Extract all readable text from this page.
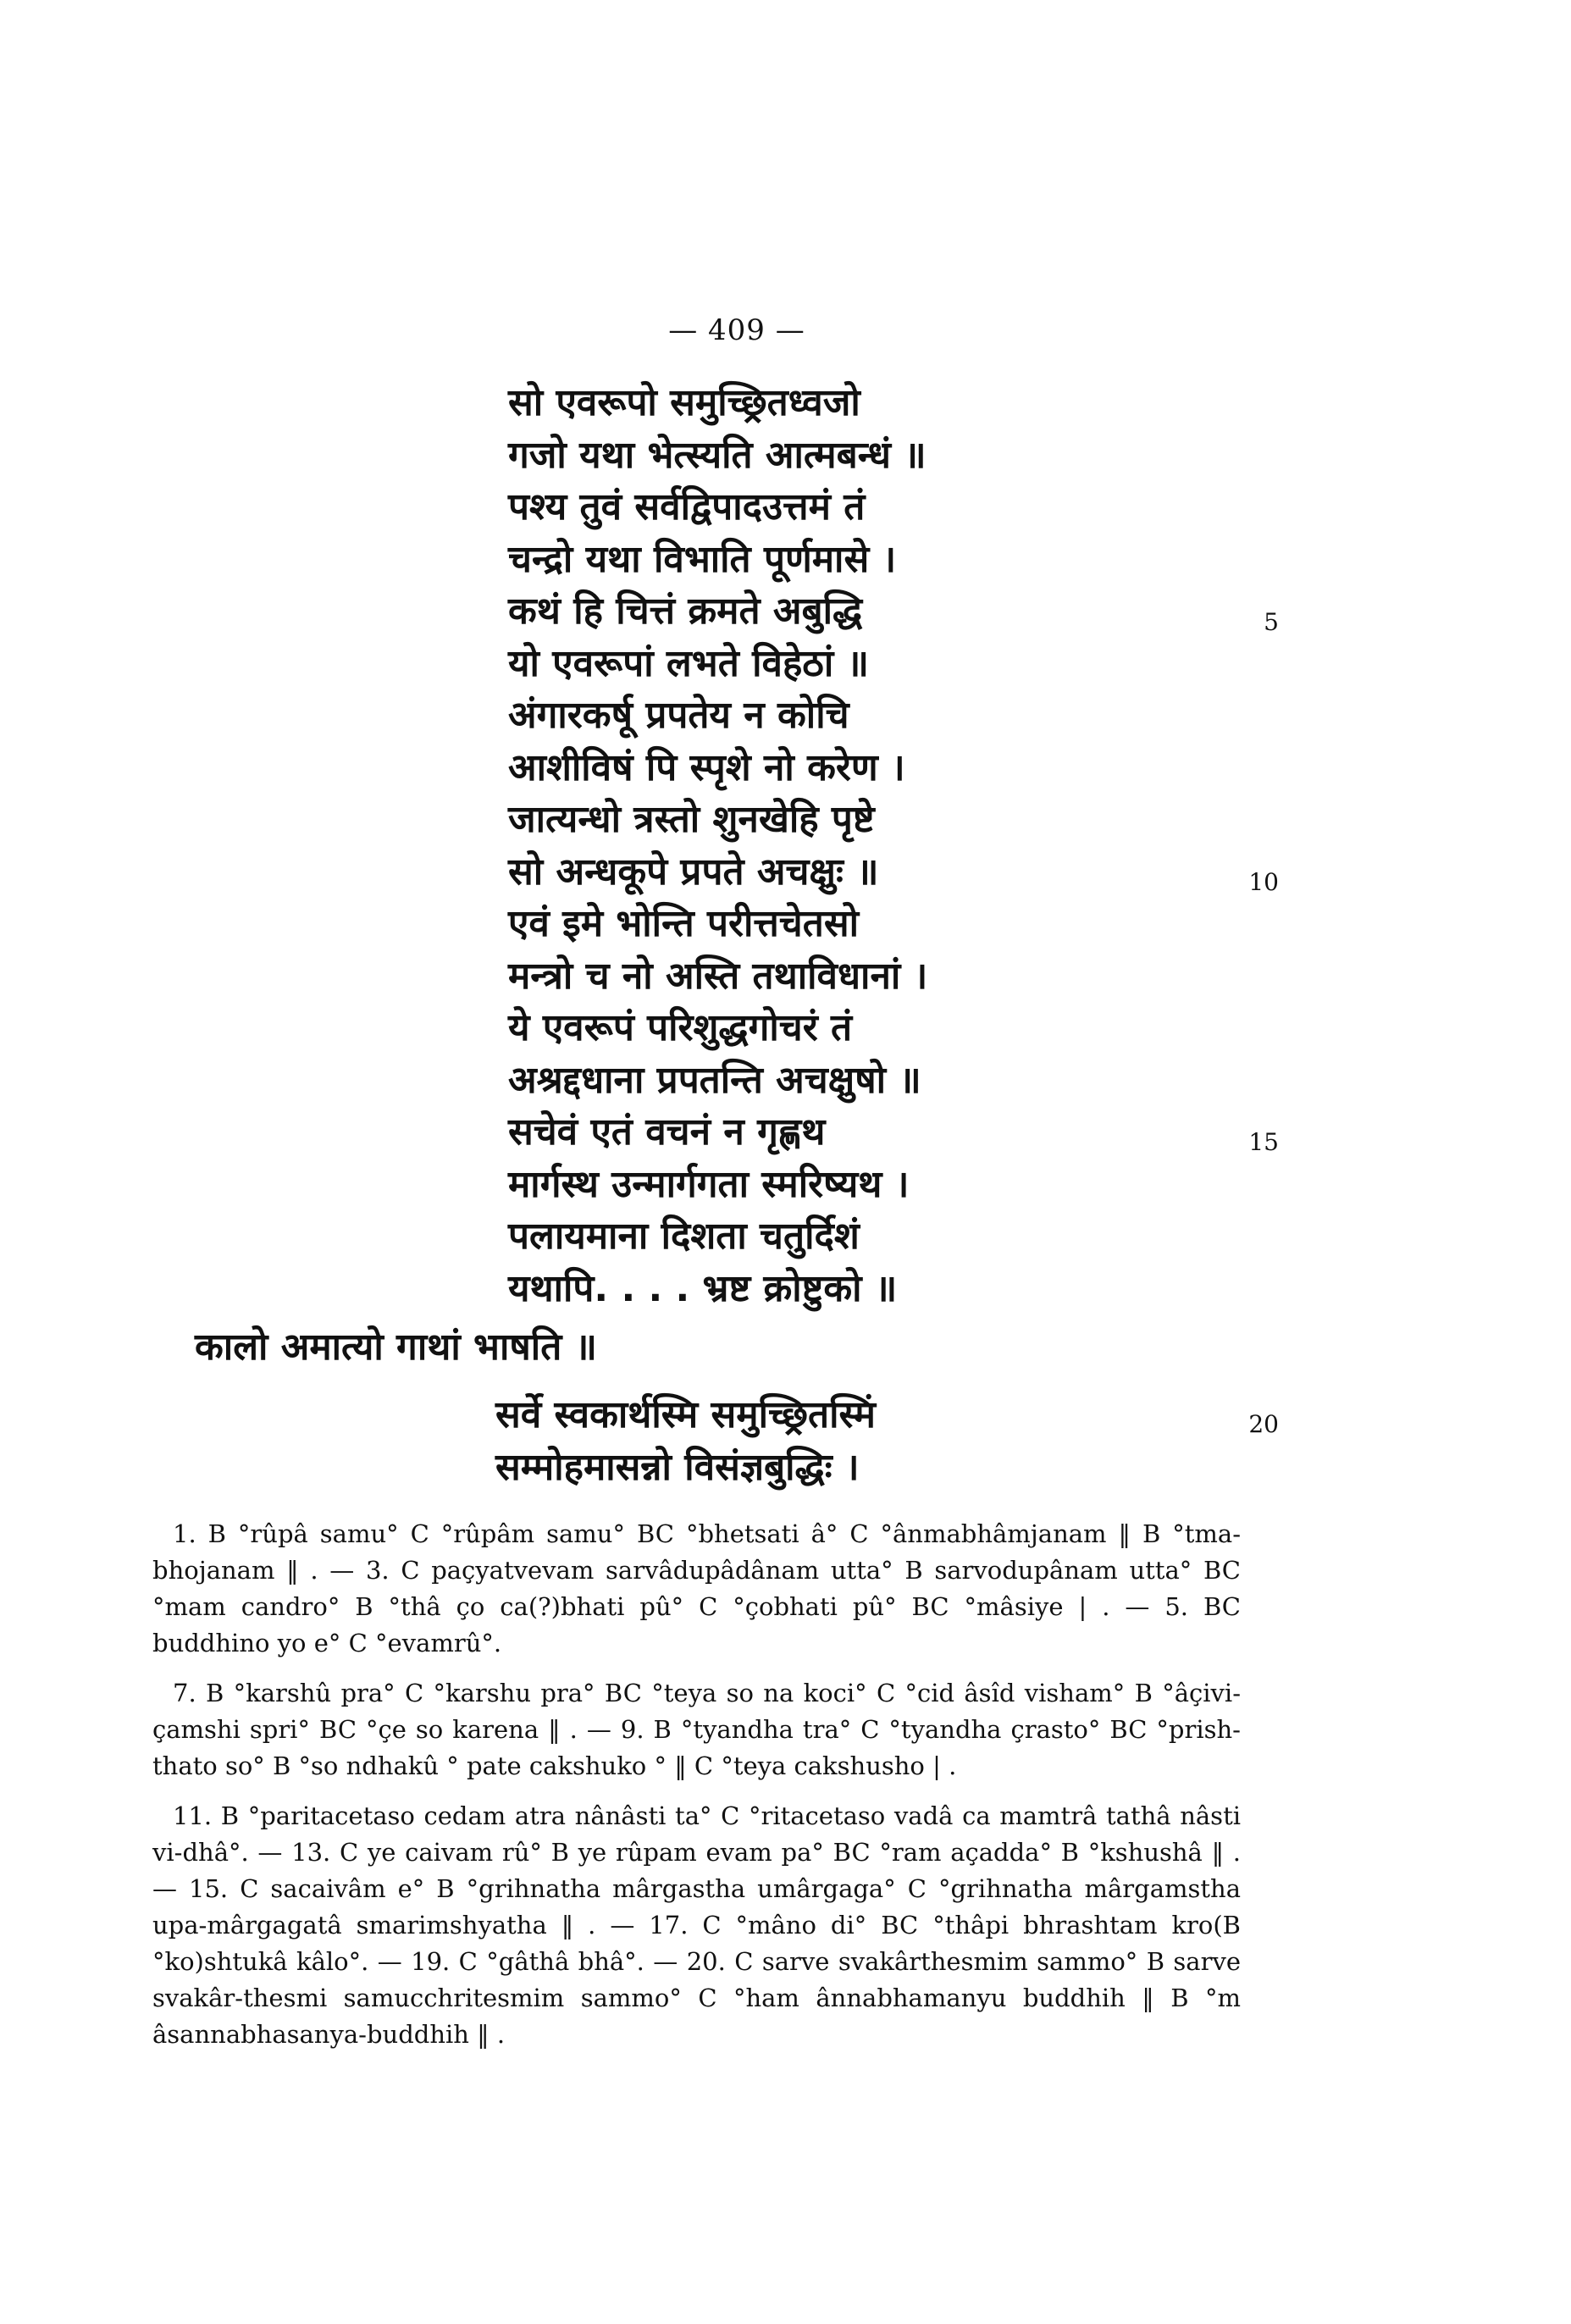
— 409 —
सो एवरूपो समुच्छ्रितध्वजो
गजो यथा भेत्स्यति आत्मबन्धं ॥
पश्य तुवं सर्वद्विपादउत्तमं तं
चन्द्रो यथा विभाति पूर्णमासे ।
कथं हि चित्तं क्रमते अबुद्धि
यो एवरूपां लभते विहेठां ॥
अंगारकर्षू प्रपतेय न कोचि
आशीविषं पि स्पृशे नो करेण ।
जात्यन्धो त्रस्तो शुनखेहि पृष्टे
सो अन्धकूपे प्रपते अचक्षुः ॥
एवं इमे भोन्ति परीत्तचेतसो
मन्त्रो च नो अस्ति तथाविधानां ।
ये एवरूपं परिशुद्धगोचरं तं
अश्रद्दधाना प्रपतन्ति अचक्षुषो ॥
सचेवं एतं वचनं न गृह्णथ
मार्गस्थ उन्मार्गगता स्मरिष्यथ ।
पलायमाना दिशता चतुर्दिशं
यथापि. . . . भ्रष्ट क्रोष्टुको ॥
कालो अमात्यो गाथां भाषति ॥
सर्वे स्वकार्थस्मि समुच्छ्रितस्मिं
सम्मोहमासन्नो विसंज्ञबुद्धिः ।
5
10
15
20

1. B °rûpâ samu° C °rûpâm samu° BC °bhetsati â° C °ânmabhâmjanam ‖ B °tma-bhojanam ‖ . — 3. C paçyatvevam sarvâdupâdânam utta° B sarvodupânam utta° BC °mam candro° B °thâ ço ca(?)bhati pû° C °çobhati pû° BC °mâsiye | . — 5. BC buddhino yo e° C °evamrû°.

7. B °karshû pra° C °karshu pra° BC °teya so na koci° C °cid âsîd visham° B °âçivi-çamshi spri° BC °çe so karena ‖ . — 9. B °tyandha tra° C °tyandha çrasto° BC °prish-thato so° B °so ndhakû ° pate cakshuko ° ‖ C °teya cakshusho | .

11. B °paritacetaso cedam atra nânâsti ta° C °ritacetaso vadâ ca mamtrâ tathâ nâsti vi-dhâ°. — 13. C ye caivam rû° B ye rûpam evam pa° BC °ram açadda° B °kshushâ ‖ . — 15. C sacaivâm e° B °grihnatha mârgastha umârgaga° C °grihnatha mârgamstha upa-mârgagatâ smarimshyatha ‖ . — 17. C °mâno di° BC °thâpi bhrashtam kro(B °ko)shtukâ kâlo°. — 19. C °gâthâ bhâ°. — 20. C sarve svakârthesmim sammo° B sarve svakâr-thesmi samucchritesmim sammo° C °ham ânnabhamanyu buddhih ‖ B °m âsannabhasanya-buddhih ‖ .
